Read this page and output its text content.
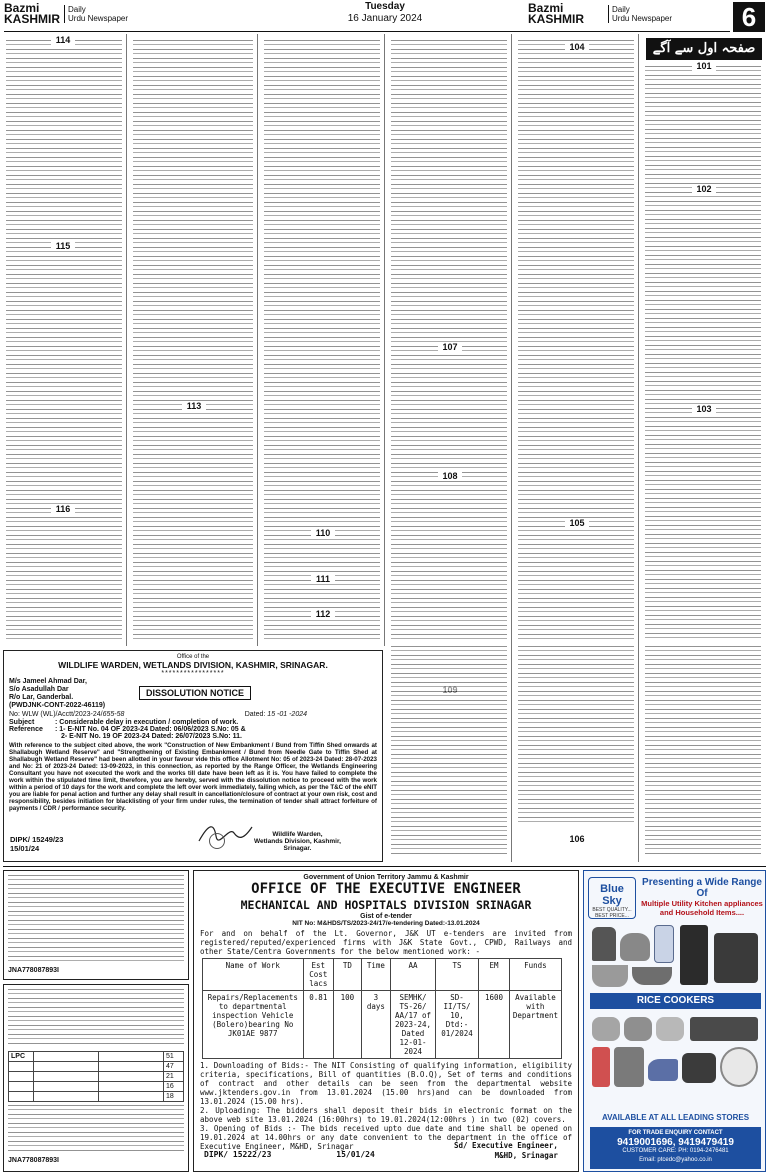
Bazmi
KASHMIR
Daily
Urdu Newspaper
Tuesday
16 January 2024
Bazmi
KASHMIR
Daily
Urdu Newspaper	6
114
115
116
113
110
111
112
107
108
104
105
صفحہ اول سے آگے
101
102
103
106
Office of the
WILDLIFE WARDEN, WETLANDS DIVISION, KASHMIR, SRINAGAR.
*****************
M/s Jameel Ahmad Dar,
S/o Asadullah Dar
R/o Lar, Ganderbal.
(PWDJNK-CONT-2022-46119)
DISSOLUTION NOTICE
No: WLW (WL)/Acctt/2023-24/655-58	Dated: 15 -01 -2024
Subject	: Considerable delay in execution / completion of work.
Reference	: 1- E-NIT No. 04 OF 2023-24 Dated: 06/06/2023 S.No: 05 &
2- E-NIT No. 19 OF 2023-24 Dated: 26/07/2023 S.No: 11.
With reference to the subject cited above, the work "Construction of New Embankment / Bund from Tiffin Shed onwards at Shallabugh Wetland Reserve" and "Strengthening of Existing Embankment / Bund from Needle Gate to Tiffin Shed at Shallabugh Wetland Reserve" had been allotted in your favour vide this office Allotment No: 05 of 2023-24 Dated: 28-07-2023 and No: 21 of 2023-24 Dated: 13-09-2023, in this connection, as reported by the Range Officer, the Wetlands Engineering Consultant you have not executed the work and the works till date have been left as it is. You have failed to complete the work within the stipulated time limit, therefore, you are hereby, served with the dissolution notice to proceed with the work within a period of 10 days for the work and complete the left over work immediately, failing which, as per the T&C of the eNIT you are liable for penal action and further any delay shall result in cancellation/closure of contract at your own risk, cost and responsibility, besides initiation for blacklisting of your firm under rules, the termination of tender shall attract forfeiture of payments / CDR / performance security.
Wildlife Warden,
Wetlands Division, Kashmir,
Srinagar.
DIPK/ 15249/23
15/01/24
JNA778087893I
LPC			51
			47
			21
			16
			18
JNA778087893I
Government of Union Territory Jammu & Kashmir
OFFICE OF THE EXECUTIVE ENGINEER
MECHANICAL AND HOSPITALS DIVISION SRINAGAR
Gist of e-tender
NIT No: M&HDS/TS/2023-24/17/e-tendering Dated:-13.01.2024
For and on behalf of the Lt. Governor, J&K UT e-tenders are invited from registered/reputed/experienced firms with J&K State Govt., CPWD, Railways and other State/Centra Governments for the below mentioned work: -
Name of Work	Est Cost lacs	TD	Time	AA	TS	EM	Funds
Repairs/Replacements to departmental inspection Vehicle (Bolero)bearing No JK01AE 9877	0.81	100	3 days	SEMHK/ TS-26/ AA/17 of 2023-24, Dated 12-01-2024	SD-II/TS/ 10, Dtd:- 01/2024	1600	Available with Department
1. Downloading of Bids:- The NIT Consisting of qualifying information, eligibility criteria, specifications, Bill of quantities (B.O.Q), Set of terms and conditions of contract and other details can be seen from the departmental website www.jktenders.gov.in from 13.01.2024 (15.00 hrs)and can be downloaded from 13.01.2024 (15.00 hrs).
2. Uploading: The bidders shall deposit their bids in electronic format on the above web site 13.01.2024 (16:00hrs) to 19.01.2024(12:00hrs ) in two (02) covers.
3. Opening of Bids :- The bids received upto due date and time shall be opened on 19.01.2024 at 14.00hrs or any date convenient to the department in the office of Executive Engineer, M&HD, Srinagar
DIPK/ 15222/23	15/01/24
Sd/ Executive Engineer,
M&HD, Srinagar
Blue Sky
BEST QUALITY...
BEST PRICE...
Presenting a Wide Range Of
Multiple Utility Kitchen appliances
and Household Items....
RICE COOKERS
AVAILABLE AT ALL LEADING STORES
FOR TRADE ENQUIRY CONTACT
9419001696, 9419479419
CUSTOMER CARE: PH: 0194-2476481
Email: ptcedc@yahoo.co.in
